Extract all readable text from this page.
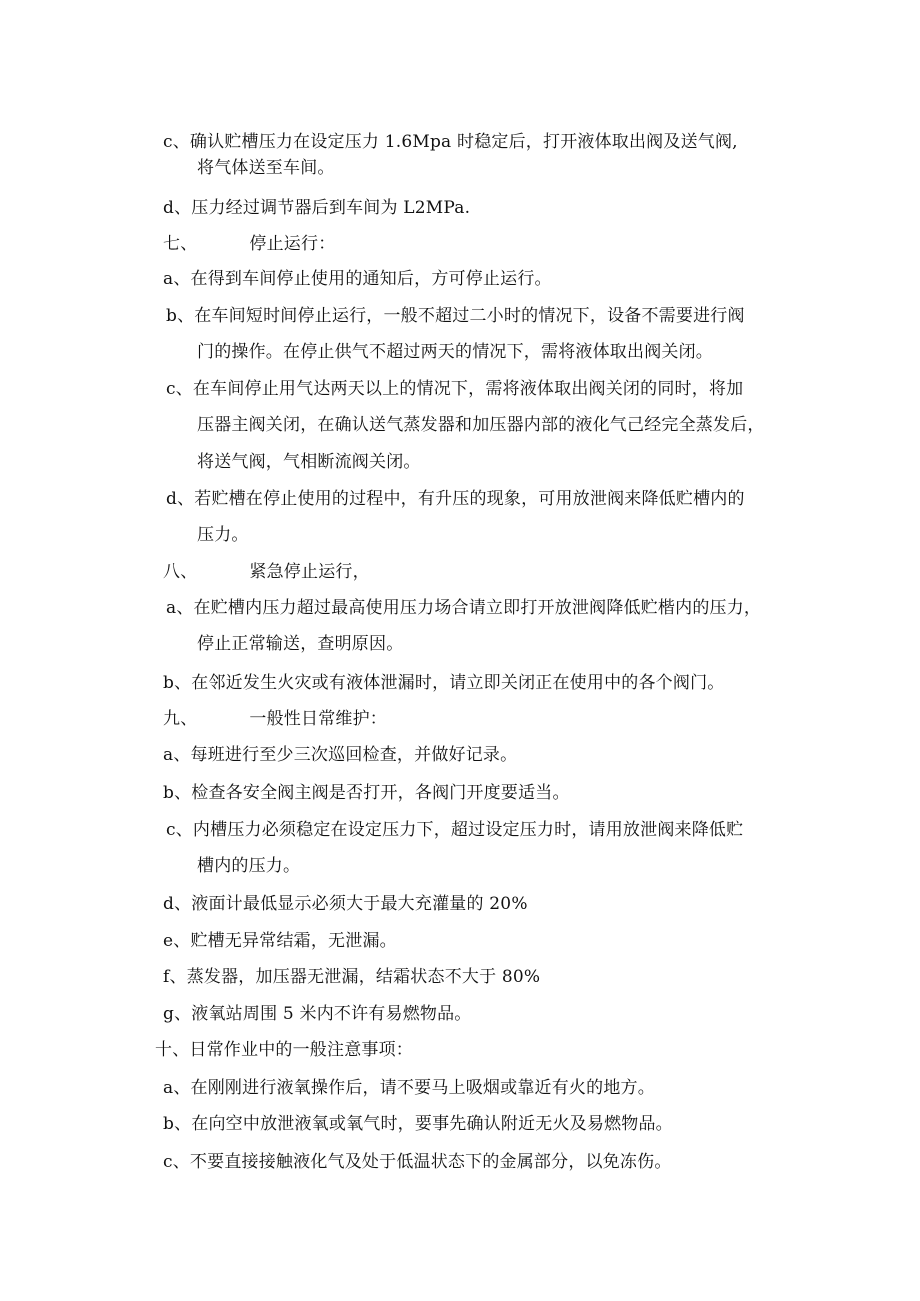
c、确认贮槽压力在设定压力 1.6Mpa 时稳定后，打开液体取出阀及送气阀,
将气体送至车间。
d、压力经过调节器后到车间为 L2MPa.
七、	停止运行：
a、在得到车间停止使用的通知后，方可停止运行。
b、在车间短时间停止运行，一般不超过二小时的情况下，设备不需要进行阀
门的操作。在停止供气不超过两天的情况下，需将液体取出阀关闭。
c、在车间停止用气达两天以上的情况下，需将液体取出阀关闭的同时，将加
压器主阀关闭，在确认送气蒸发器和加压器内部的液化气己经完全蒸发后，
将送气阀，气相断流阀关闭。
d、若贮槽在停止使用的过程中，有升压的现象，可用放泄阀来降低贮槽内的
压力。
八、	紧急停止运行，
a、在贮槽内压力超过最高使用压力场合请立即打开放泄阀降低贮楷内的压力，
停止正常输送，查明原因。
b、在邻近发生火灾或有液体泄漏时，请立即关闭正在使用中的各个阀门。
九、	一般性日常维护：
a、每班进行至少三次巡回检查，并做好记录。
b、检查各安全阀主阀是否打开，各阀门开度要适当。
c、内槽压力必须稳定在设定压力下，超过设定压力时，请用放泄阀来降低贮
槽内的压力。
d、液面计最低显示必须大于最大充灌量的 20%
e、贮槽无异常结霜，无泄漏。
f、蒸发器，加压器无泄漏，结霜状态不大于 80%
g、液氧站周围 5 米内不许有易燃物品。
十、日常作业中的一般注意事项：
a、在刚刚进行液氧操作后，请不要马上吸烟或靠近有火的地方。
b、在向空中放泄液氧或氧气时，要事先确认附近无火及易燃物品。
c、不要直接接触液化气及处于低温状态下的金属部分，以免冻伤。
